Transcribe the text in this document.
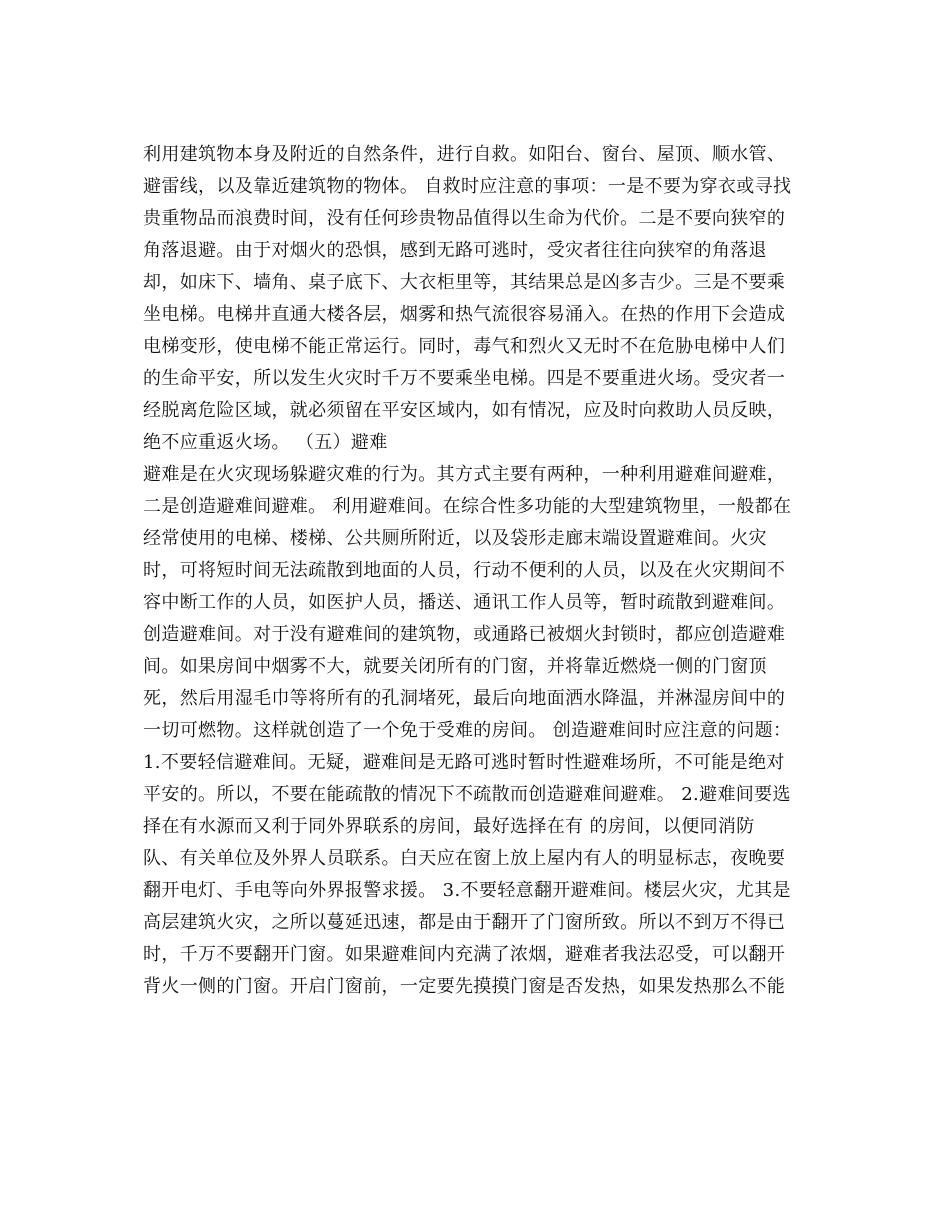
利用建筑物本身及附近的自然条件，进行自救。如阳台、窗台、屋顶、顺水管、
避雷线，以及靠近建筑物的物体。 自救时应注意的事项：一是不要为穿衣或寻找
贵重物品而浪费时间，没有任何珍贵物品值得以生命为代价。二是不要向狭窄的
角落退避。由于对烟火的恐惧，感到无路可逃时，受灾者往往向狭窄的角落退
却，如床下、墙角、桌子底下、大衣柜里等，其结果总是凶多吉少。三是不要乘
坐电梯。电梯井直通大楼各层，烟雾和热气流很容易涌入。在热的作用下会造成
电梯变形，使电梯不能正常运行。同时，毒气和烈火又无时不在危胁电梯中人们
的生命平安，所以发生火灾时千万不要乘坐电梯。四是不要重进火场。受灾者一
经脱离危险区域，就必须留在平安区域内，如有情况，应及时向救助人员反映，
绝不应重返火场。 （五）避难
避难是在火灾现场躲避灾难的行为。其方式主要有两种，一种利用避难间避难，
二是创造避难间避难。 利用避难间。在综合性多功能的大型建筑物里，一般都在
经常使用的电梯、楼梯、公共厕所附近，以及袋形走廊末端设置避难间。火灾
时，可将短时间无法疏散到地面的人员，行动不便利的人员，以及在火灾期间不
容中断工作的人员，如医护人员，播送、通讯工作人员等，暂时疏散到避难间。
创造避难间。对于没有避难间的建筑物，或通路已被烟火封锁时，都应创造避难
间。如果房间中烟雾不大，就要关闭所有的门窗，并将靠近燃烧一侧的门窗顶
死，然后用湿毛巾等将所有的孔洞堵死，最后向地面洒水降温，并淋湿房间中的
一切可燃物。这样就创造了一个免于受难的房间。 创造避难间时应注意的问题：
1.不要轻信避难间。无疑，避难间是无路可逃时暂时性避难场所，不可能是绝对
平安的。所以，不要在能疏散的情况下不疏散而创造避难间避难。 2.避难间要选
择在有水源而又利于同外界联系的房间，最好选择在有 的房间，以便同消防
队、有关单位及外界人员联系。白天应在窗上放上屋内有人的明显标志，夜晚要
翻开电灯、手电等向外界报警求援。 3.不要轻意翻开避难间。楼层火灾，尤其是
高层建筑火灾，之所以蔓延迅速，都是由于翻开了门窗所致。所以不到万不得已
时，千万不要翻开门窗。如果避难间内充满了浓烟，避难者我法忍受，可以翻开
背火一侧的门窗。开启门窗前，一定要先摸摸门窗是否发热，如果发热那么不能
